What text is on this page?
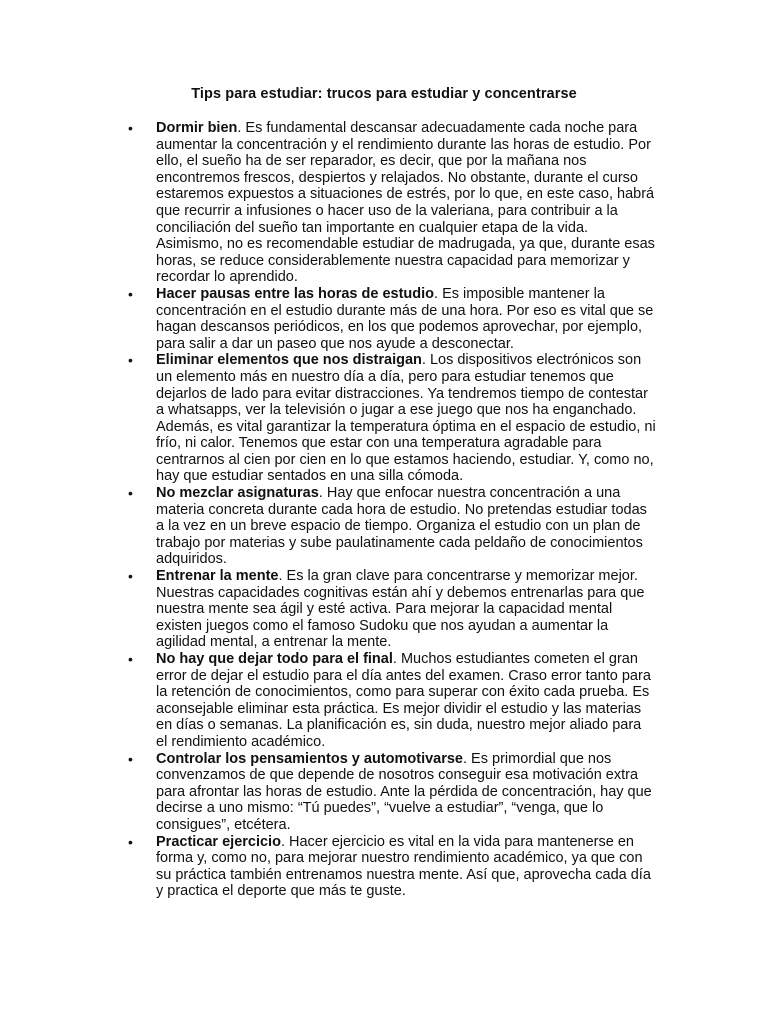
Tips para estudiar: trucos para estudiar y concentrarse
• Dormir bien. Es fundamental descansar adecuadamente cada noche para aumentar la concentración y el rendimiento durante las horas de estudio. Por ello, el sueño ha de ser reparador, es decir, que por la mañana nos encontremos frescos, despiertos y relajados. No obstante, durante el curso estaremos expuestos a situaciones de estrés, por lo que, en este caso, habrá que recurrir a infusiones o hacer uso de la valeriana, para contribuir a la conciliación del sueño tan importante en cualquier etapa de la vida. Asimismo, no es recomendable estudiar de madrugada, ya que, durante esas horas, se reduce considerablemente nuestra capacidad para memorizar y recordar lo aprendido.
• Hacer pausas entre las horas de estudio. Es imposible mantener la concentración en el estudio durante más de una hora. Por eso es vital que se hagan descansos periódicos, en los que podemos aprovechar, por ejemplo, para salir a dar un paseo que nos ayude a desconectar.
• Eliminar elementos que nos distraigan. Los dispositivos electrónicos son un elemento más en nuestro día a día, pero para estudiar tenemos que dejarlos de lado para evitar distracciones. Ya tendremos tiempo de contestar a whatsapps, ver la televisión o jugar a ese juego que nos ha enganchado. Además, es vital garantizar la temperatura óptima en el espacio de estudio, ni frío, ni calor. Tenemos que estar con una temperatura agradable para centrarnos al cien por cien en lo que estamos haciendo, estudiar. Y, como no, hay que estudiar sentados en una silla cómoda.
• No mezclar asignaturas. Hay que enfocar nuestra concentración a una materia concreta durante cada hora de estudio. No pretendas estudiar todas a la vez en un breve espacio de tiempo. Organiza el estudio con un plan de trabajo por materias y sube paulatinamente cada peldaño de conocimientos adquiridos.
• Entrenar la mente. Es la gran clave para concentrarse y memorizar mejor. Nuestras capacidades cognitivas están ahí y debemos entrenarlas para que nuestra mente sea ágil y esté activa. Para mejorar la capacidad mental existen juegos como el famoso Sudoku que nos ayudan a aumentar la agilidad mental, a entrenar la mente.
• No hay que dejar todo para el final. Muchos estudiantes cometen el gran error de dejar el estudio para el día antes del examen. Craso error tanto para la retención de conocimientos, como para superar con éxito cada prueba. Es aconsejable eliminar esta práctica. Es mejor dividir el estudio y las materias en días o semanas. La planificación es, sin duda, nuestro mejor aliado para el rendimiento académico.
• Controlar los pensamientos y automotivarse. Es primordial que nos convenzamos de que depende de nosotros conseguir esa motivación extra para afrontar las horas de estudio. Ante la pérdida de concentración, hay que decirse a uno mismo: “Tú puedes”, “vuelve a estudiar”, “venga, que lo consigues”, etcétera.
• Practicar ejercicio. Hacer ejercicio es vital en la vida para mantenerse en forma y, como no, para mejorar nuestro rendimiento académico, ya que con su práctica también entrenamos nuestra mente. Así que, aprovecha cada día y practica el deporte que más te guste.
